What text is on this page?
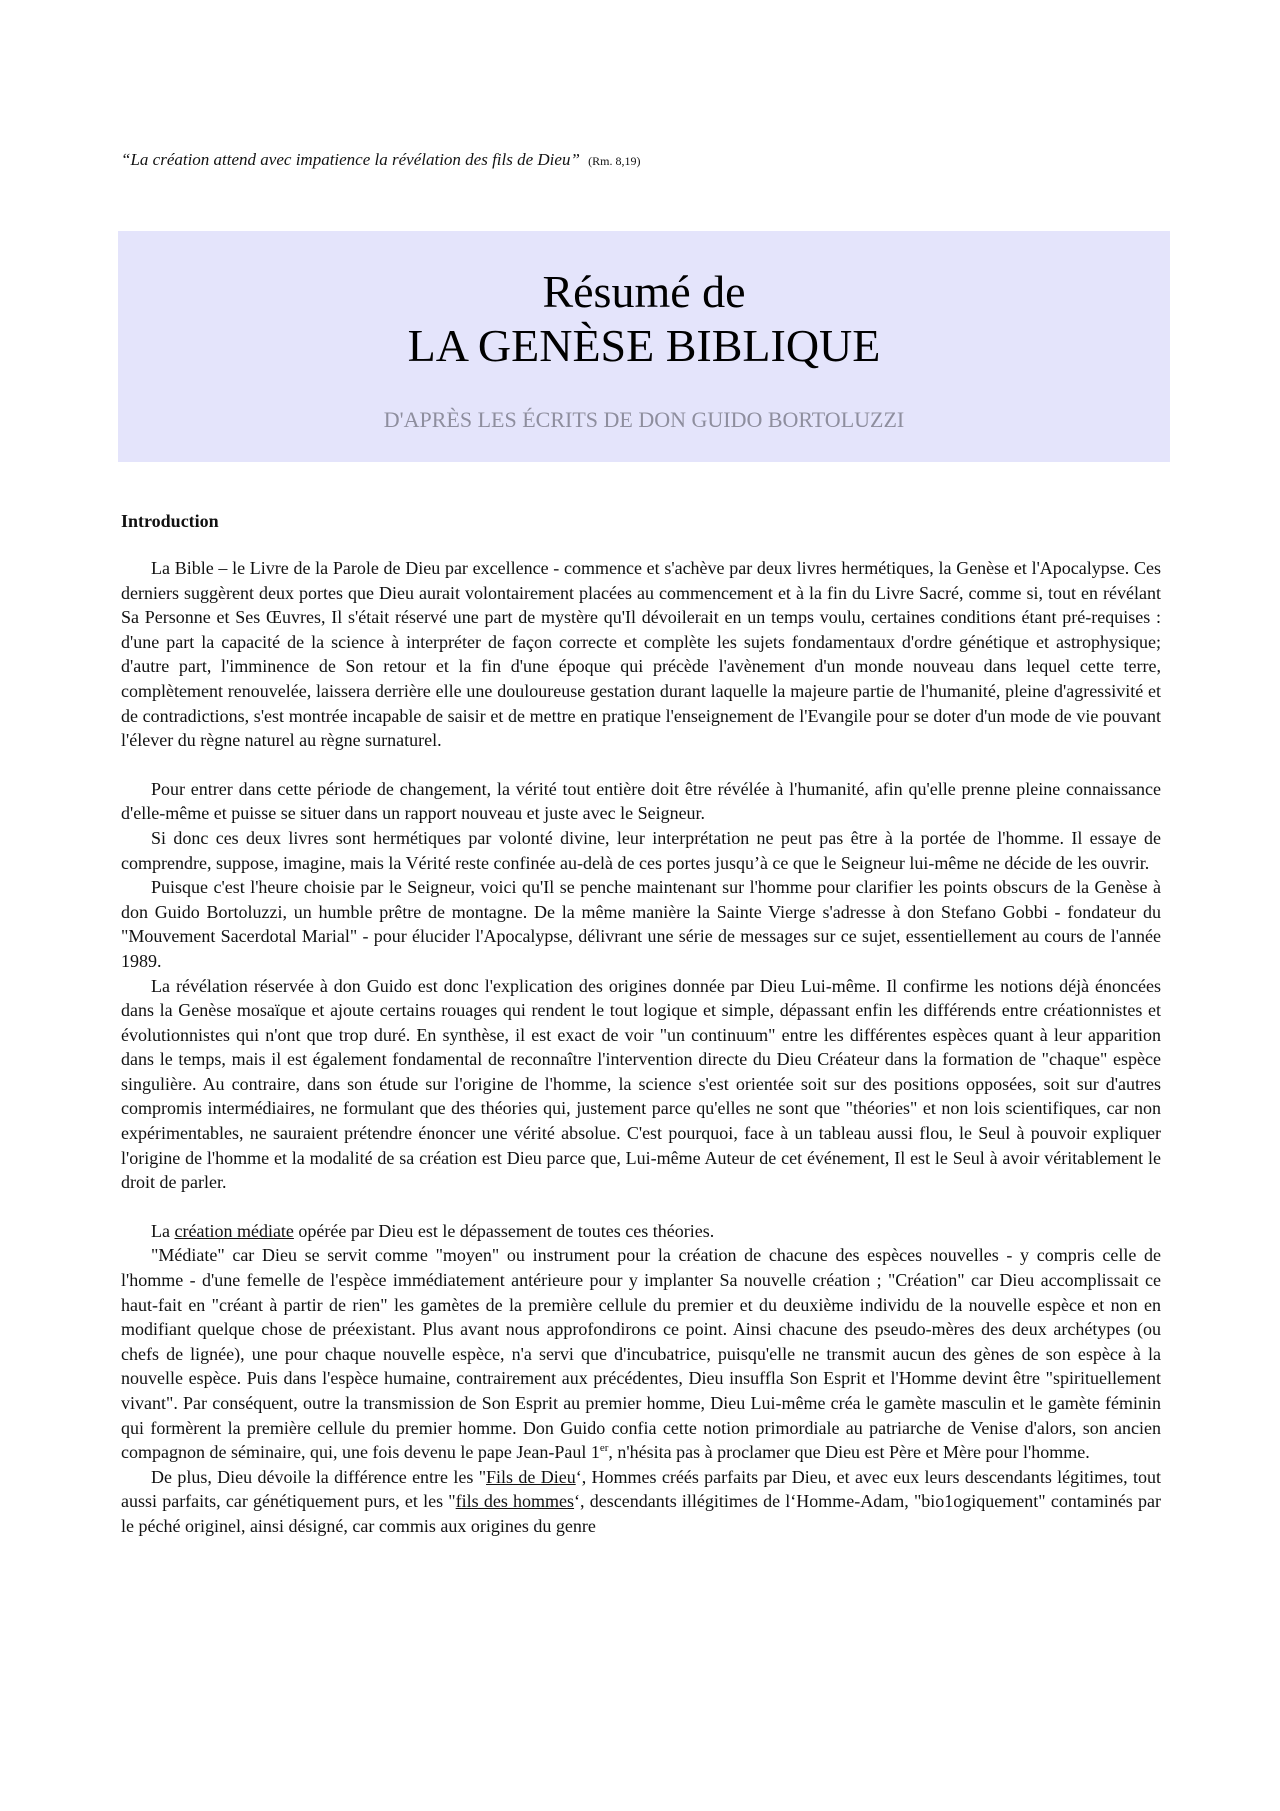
“La création attend avec impatience la révélation des fils de Dieu” (Rm. 8,19)
Résumé de
LA GENÈSE BIBLIQUE
D'APRÈS LES ÉCRITS DE DON GUIDO BORTOLUZZI
Introduction

La Bible – le Livre de la Parole de Dieu par excellence - commence et s'achève par deux livres hermétiques, la Genèse et l'Apocalypse. Ces derniers suggèrent deux portes que Dieu aurait volontairement placées au commencement et à la fin du Livre Sacré, comme si, tout en révélant Sa Personne et Ses Œuvres, Il s'était réservé une part de mystère qu'Il dévoilerait en un temps voulu, certaines conditions étant pré-requises : d'une part la capacité de la science à interpréter de façon correcte et complète les sujets fondamentaux d'ordre génétique et astrophysique; d'autre part, l'imminence de Son retour et la fin d'une époque qui précède l'avènement d'un monde nouveau dans lequel cette terre, complètement renouvelée, laissera derrière elle une douloureuse gestation durant laquelle la majeure partie de l'humanité, pleine d'agressivité et de contradictions, s'est montrée incapable de saisir et de mettre en pratique l'enseignement de l'Evangile pour se doter d'un mode de vie pouvant l'élever du règne naturel au règne surnaturel.

Pour entrer dans cette période de changement, la vérité tout entière doit être révélée à l'humanité, afin qu'elle prenne pleine connaissance d'elle-même et puisse se situer dans un rapport nouveau et juste avec le Seigneur.

Si donc ces deux livres sont hermétiques par volonté divine, leur interprétation ne peut pas être à la portée de l'homme. Il essaye de comprendre, suppose, imagine, mais la Vérité reste confinée au-delà de ces portes jusqu’à ce que le Seigneur lui-même ne décide de les ouvrir.

Puisque c'est l'heure choisie par le Seigneur, voici qu'Il se penche maintenant sur l'homme pour clarifier les points obscurs de la Genèse à don Guido Bortoluzzi, un humble prêtre de montagne. De la même manière la Sainte Vierge s'adresse à don Stefano Gobbi - fondateur du "Mouvement Sacerdotal Marial" - pour élucider l'Apocalypse, délivrant une série de messages sur ce sujet, essentiellement au cours de l'année 1989.

La révélation réservée à don Guido est donc l'explication des origines donnée par Dieu Lui-même. Il confirme les notions déjà énoncées dans la Genèse mosaïque et ajoute certains rouages qui rendent le tout logique et simple, dépassant enfin les différends entre créationnistes et évolutionnistes qui n'ont que trop duré. En synthèse, il est exact de voir "un continuum" entre les différentes espèces quant à leur apparition dans le temps, mais il est également fondamental de reconnaître l'intervention directe du Dieu Créateur dans la formation de "chaque" espèce singulière. Au contraire, dans son étude sur l'origine de l'homme, la science s'est orientée soit sur des positions opposées, soit sur d'autres compromis intermédiaires, ne formulant que des théories qui, justement parce qu'elles ne sont que "théories" et non lois scientifiques, car non expérimentables, ne sauraient prétendre énoncer une vérité absolue. C'est pourquoi, face à un tableau aussi flou, le Seul à pouvoir expliquer l'origine de l'homme et la modalité de sa création est Dieu parce que, Lui-même Auteur de cet événement, Il est le Seul à avoir véritablement le droit de parler.

La création médiate opérée par Dieu est le dépassement de toutes ces théories.

"Médiate" car Dieu se servit comme "moyen" ou instrument pour la création de chacune des espèces nouvelles - y compris celle de l'homme - d'une femelle de l'espèce immédiatement antérieure pour y implanter Sa nouvelle création ; "Création" car Dieu accomplissait ce haut-fait en "créant à partir de rien" les gamètes de la première cellule du premier et du deuxième individu de la nouvelle espèce et non en modifiant quelque chose de préexistant. Plus avant nous approfondirons ce point. Ainsi chacune des pseudo-mères des deux archétypes (ou chefs de lignée), une pour chaque nouvelle espèce, n'a servi que d'incubatrice, puisqu'elle ne transmit aucun des gènes de son espèce à la nouvelle espèce. Puis dans l'espèce humaine, contrairement aux précédentes, Dieu insuffla Son Esprit et l'Homme devint être "spirituellement vivant". Par conséquent, outre la transmission de Son Esprit au premier homme, Dieu Lui-même créa le gamète masculin et le gamète féminin qui formèrent la première cellule du premier homme. Don Guido confia cette notion primordiale au patriarche de Venise d'alors, son ancien compagnon de séminaire, qui, une fois devenu le pape Jean-Paul 1er, n'hésita pas à proclamer que Dieu est Père et Mère pour l'homme.

De plus, Dieu dévoile la différence entre les "Fils de Dieu‘, Hommes créés parfaits par Dieu, et avec eux leurs descendants légitimes, tout aussi parfaits, car génétiquement purs, et les "fils des hommes‘, descendants illégitimes de l‘Homme-Adam, "bio1ogiquement" contaminés par le péché originel, ainsi désigné, car commis aux origines du genre
